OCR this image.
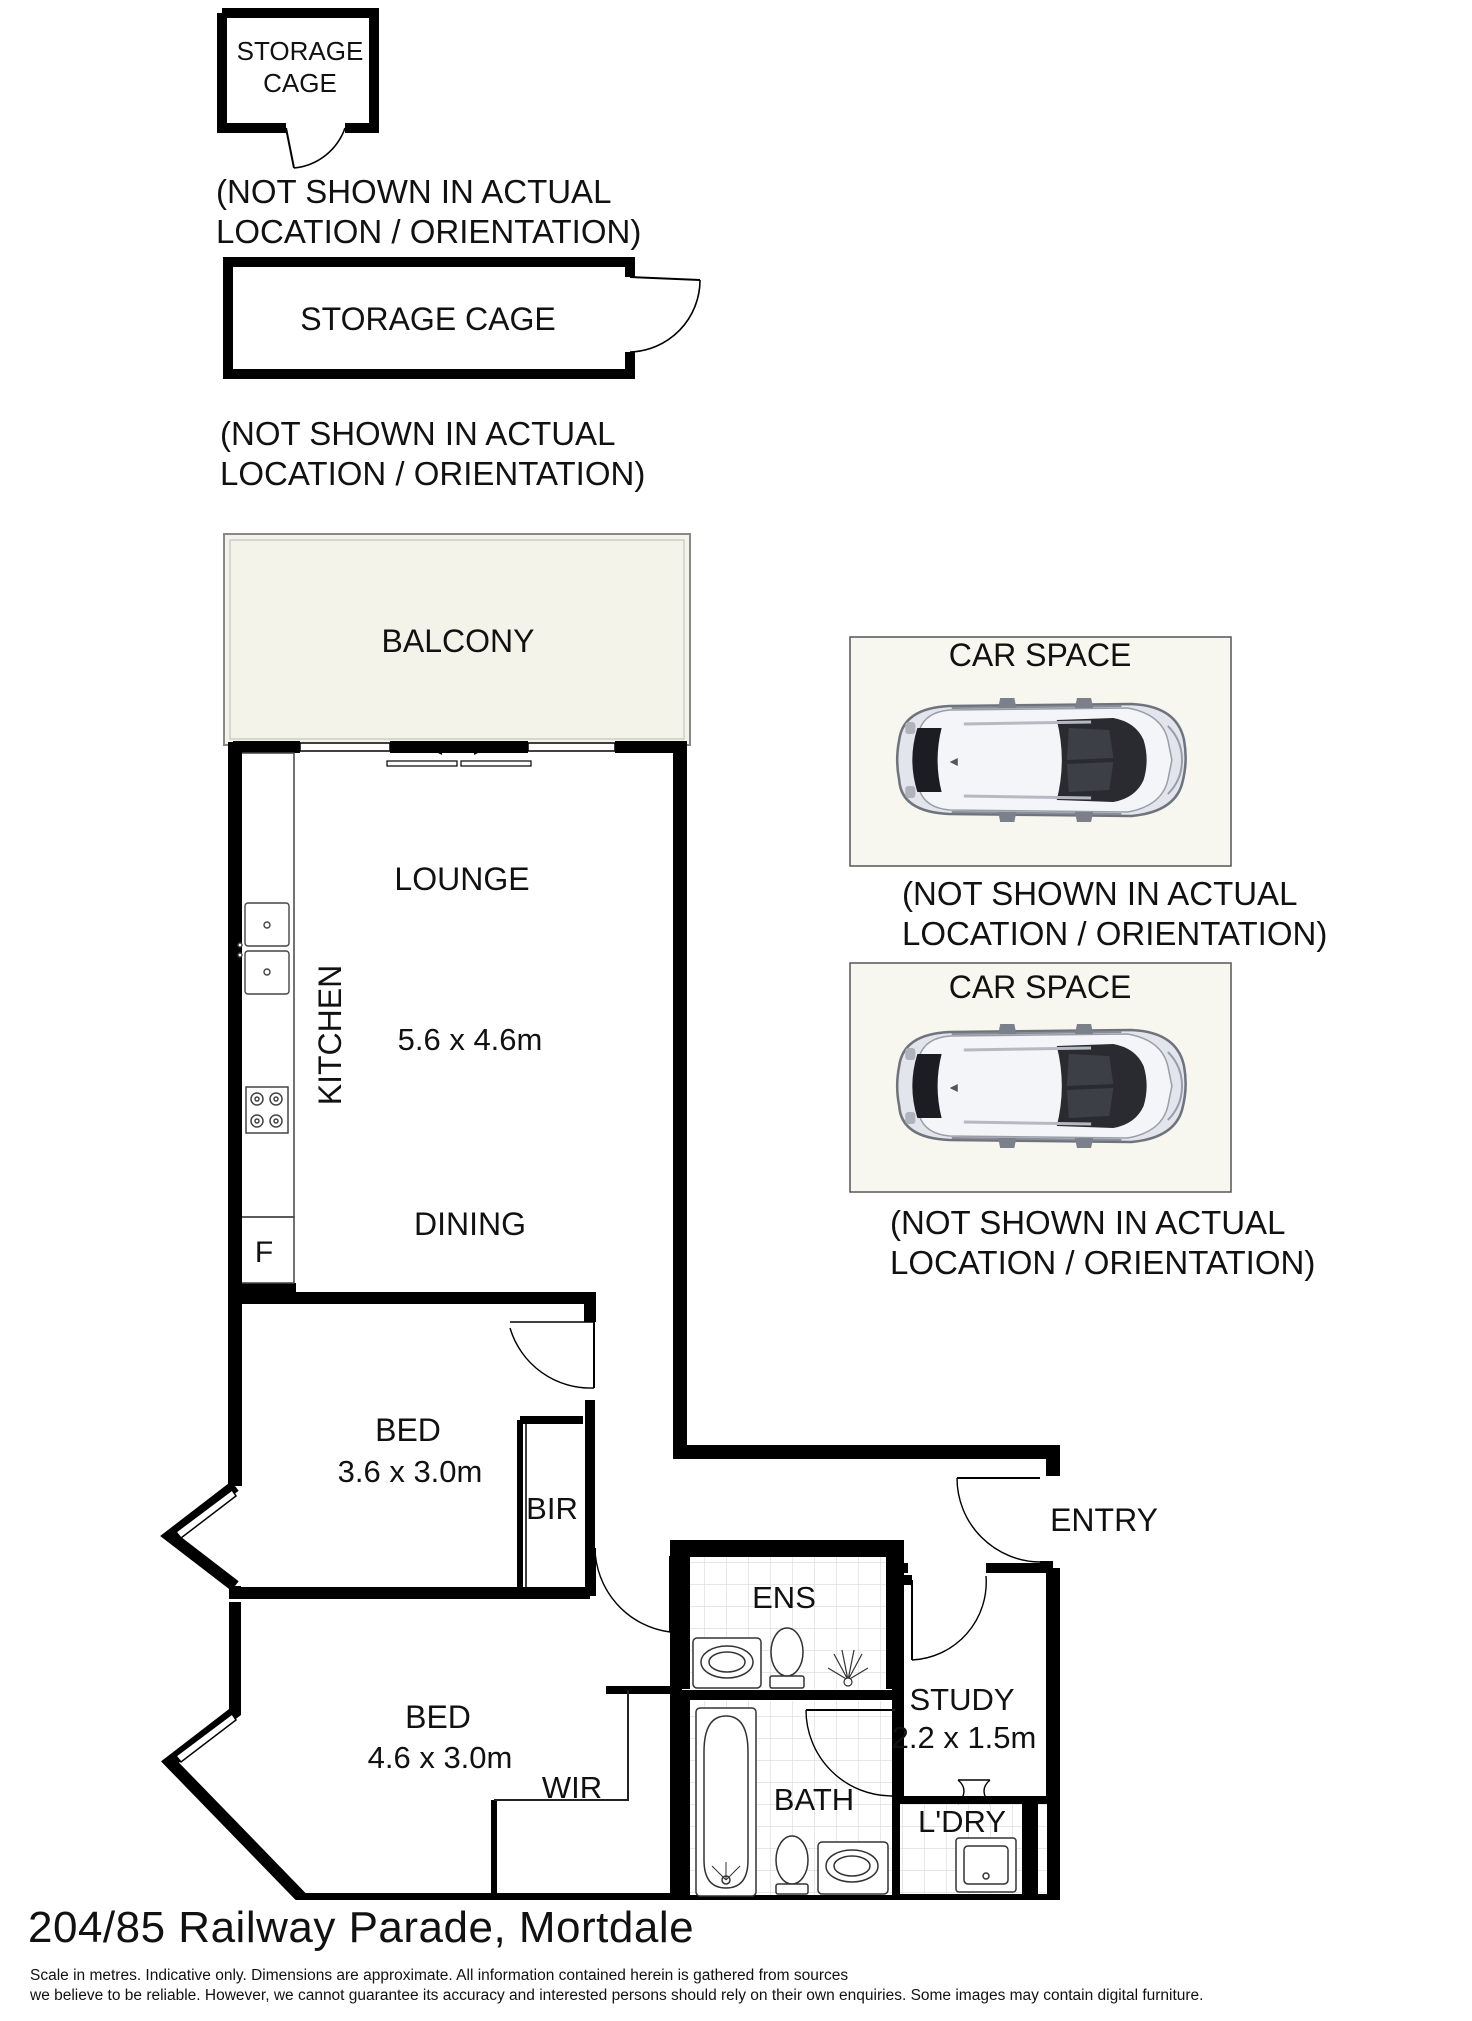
STORAGE
CAGE
(NOT SHOWN IN ACTUAL
LOCATION / ORIENTATION)
STORAGE CAGE
(NOT SHOWN IN ACTUAL
LOCATION / ORIENTATION)
CAR SPACE
(NOT SHOWN IN ACTUAL
LOCATION / ORIENTATION)
CAR SPACE
(NOT SHOWN IN ACTUAL
LOCATION / ORIENTATION)
BALCONY
F
LOUNGE
KITCHEN 5.6 x 4.6m
DINING
BED
3.6 x 3.0m
BIR	ENTRY
ENS
BATH
STUDY
2.2 x 1.5m
L'DRY
BED
4.6 x 3.0m
WIR
204/85 Railway Parade, Mortdale
Scale in metres. Indicative only. Dimensions are approximate. All information contained herein is gathered from sources
we believe to be reliable. However, we cannot guarantee its accuracy and interested persons should rely on their own enquiries. Some images may contain digital furniture.
